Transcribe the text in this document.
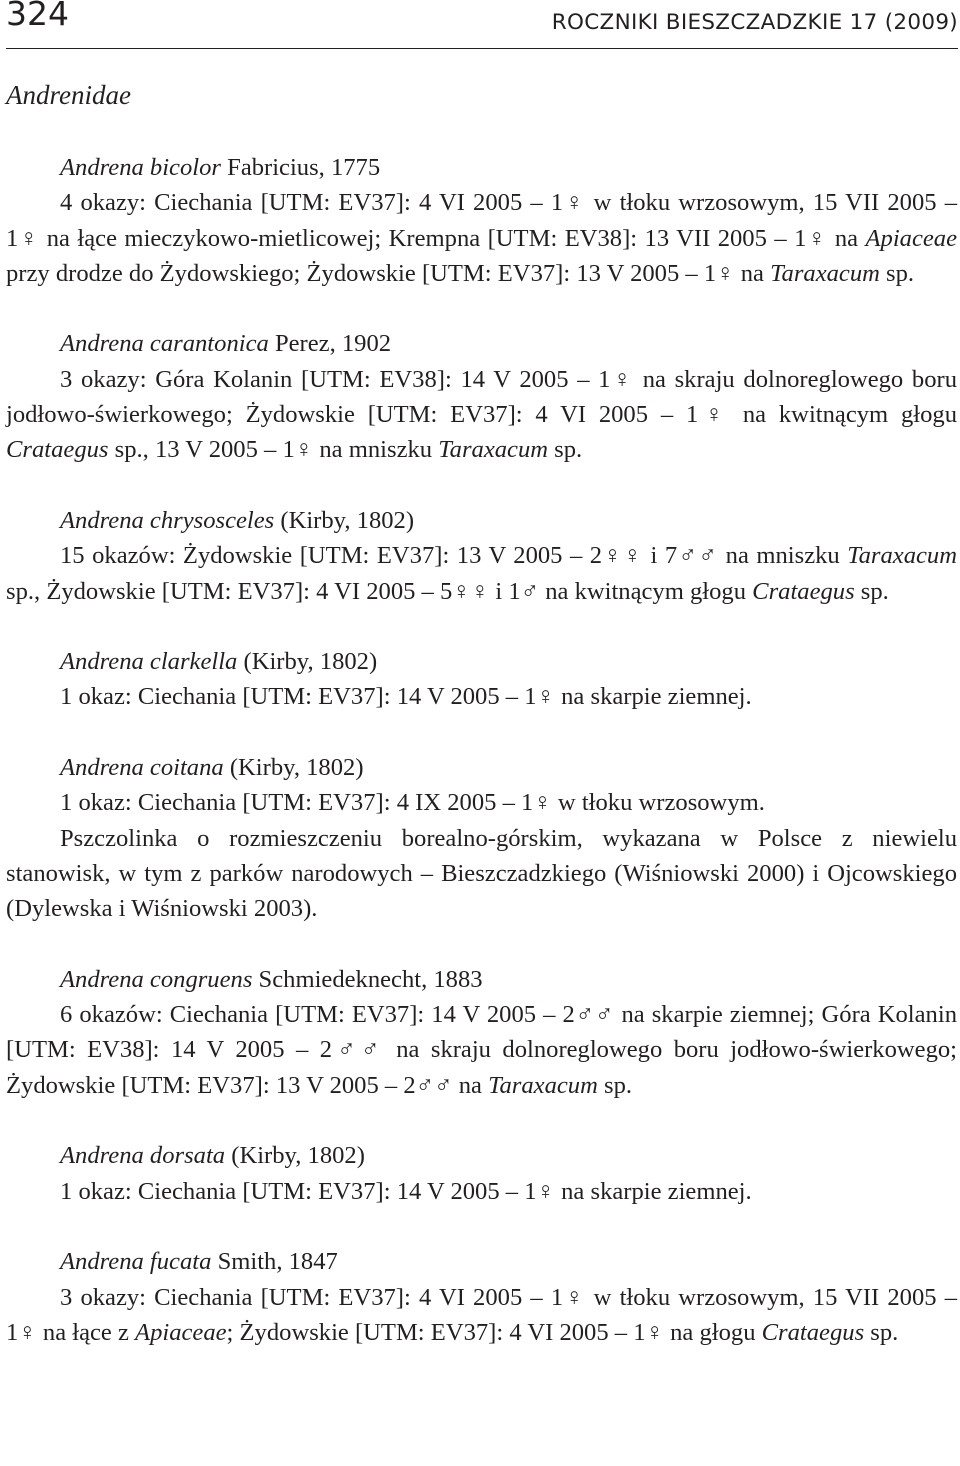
324	ROCZNIKI BIESZCZADZKIE 17 (2009)
Andrenidae

Andrena bicolor Fabricius, 1775

4 okazy: Ciechania [UTM: EV37]: 4 VI 2005 – 1♀ w tłoku wrzosowym, 15 VII 2005 – 1♀ na łące mieczykowo-mietlicowej; Krempna [UTM: EV38]: 13 VII 2005 – 1♀ na Apiaceae przy drodze do Żydowskiego; Żydowskie [UTM: EV37]: 13 V 2005 – 1♀ na Taraxacum sp.

Andrena carantonica Perez, 1902

3 okazy: Góra Kolanin [UTM: EV38]: 14 V 2005 – 1♀ na skraju dolnoreglowego boru jodłowo-świerkowego; Żydowskie [UTM: EV37]: 4 VI 2005 – 1♀ na kwitnącym głogu Crataegus sp., 13 V 2005 – 1♀ na mniszku Taraxacum sp.

Andrena chrysosceles (Kirby, 1802)

15 okazów: Żydowskie [UTM: EV37]: 13 V 2005 – 2♀♀ i 7♂♂ na mniszku Taraxacum sp., Żydowskie [UTM: EV37]: 4 VI 2005 – 5♀♀ i 1♂ na kwitnącym głogu Crataegus sp.

Andrena clarkella (Kirby, 1802)

1 okaz: Ciechania [UTM: EV37]: 14 V 2005 – 1♀ na skarpie ziemnej.

Andrena coitana (Kirby, 1802)

1 okaz: Ciechania [UTM: EV37]: 4 IX 2005 – 1♀ w tłoku wrzosowym.

Pszczolinka o rozmieszczeniu borealno-górskim, wykazana w Polsce z niewielu stanowisk, w tym z parków narodowych – Bieszczadzkiego (Wiśniowski 2000) i Ojcowskiego (Dylewska i Wiśniowski 2003).

Andrena congruens Schmiedeknecht, 1883

6 okazów: Ciechania [UTM: EV37]: 14 V 2005 – 2♂♂ na skarpie ziemnej; Góra Kolanin [UTM: EV38]: 14 V 2005 – 2♂♂ na skraju dolnoreglowego boru jodłowo-świerkowego; Żydowskie [UTM: EV37]: 13 V 2005 – 2♂♂ na Taraxacum sp.

Andrena dorsata (Kirby, 1802)

1 okaz: Ciechania [UTM: EV37]: 14 V 2005 – 1♀ na skarpie ziemnej.

Andrena fucata Smith, 1847

3 okazy: Ciechania [UTM: EV37]: 4 VI 2005 – 1♀ w tłoku wrzosowym, 15 VII 2005 – 1♀ na łące z Apiaceae; Żydowskie [UTM: EV37]: 4 VI 2005 – 1♀ na głogu Crataegus sp.
